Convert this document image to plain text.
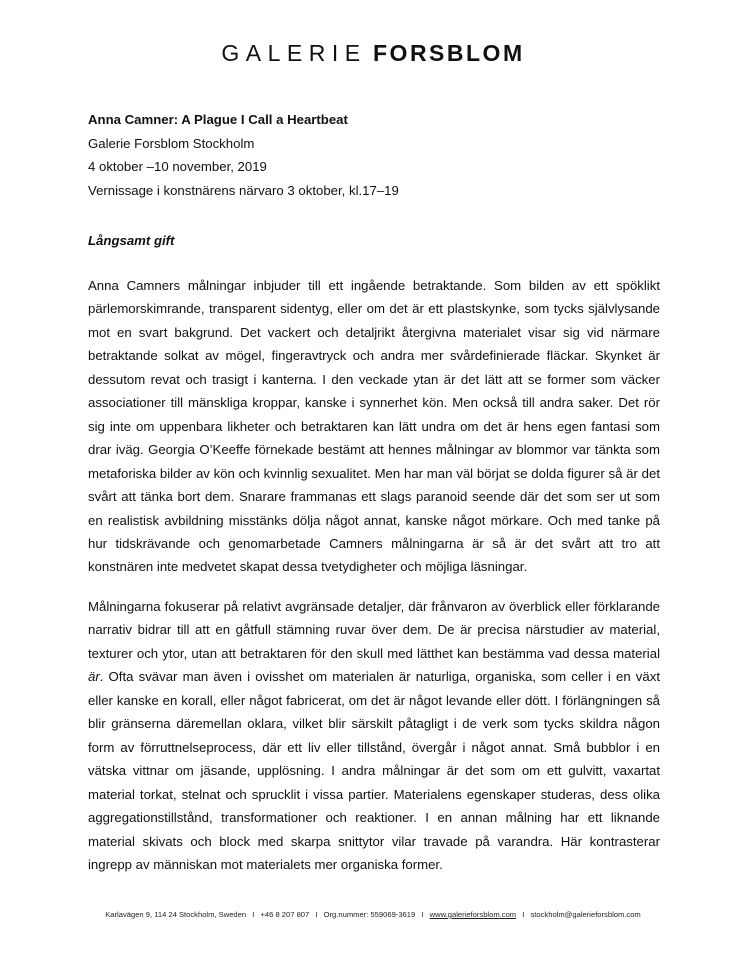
GALERIE FORSBLOM
Anna Camner: A Plague I Call a Heartbeat
Galerie Forsblom Stockholm
4 oktober –10 november, 2019
Vernissage i konstnärens närvaro 3 oktober, kl.17–19
Långsamt gift

Anna Camners målningar inbjuder till ett ingående betraktande. Som bilden av ett spöklikt pärlemorskimrande, transparent sidentyg, eller om det är ett plastskynke, som tycks självlysande mot en svart bakgrund. Det vackert och detaljrikt återgivna materialet visar sig vid närmare betraktande solkat av mögel, fingeravtryck och andra mer svårdefinierade fläckar. Skynket är dessutom revat och trasigt i kanterna. I den veckade ytan är det lätt att se former som väcker associationer till mänskliga kroppar, kanske i synnerhet kön. Men också till andra saker. Det rör sig inte om uppenbara likheter och betraktaren kan lätt undra om det är hens egen fantasi som drar iväg. Georgia O’Keeffe förnekade bestämt att hennes målningar av blommor var tänkta som metaforiska bilder av kön och kvinnlig sexualitet. Men har man väl börjat se dolda figurer så är det svårt att tänka bort dem. Snarare frammanas ett slags paranoid seende där det som ser ut som en realistisk avbildning misstänks dölja något annat, kanske något mörkare. Och med tanke på hur tidskrävande och genomarbetade Camners målningarna är så är det svårt att tro att konstnären inte medvetet skapat dessa tvetydigheter och möjliga läsningar.

Målningarna fokuserar på relativt avgränsade detaljer, där frånvaron av överblick eller förklarande narrativ bidrar till att en gåtfull stämning ruvar över dem. De är precisa närstudier av material, texturer och ytor, utan att betraktaren för den skull med lätthet kan bestämma vad dessa material är. Ofta svävar man även i ovisshet om materialen är naturliga, organiska, som celler i en växt eller kanske en korall, eller något fabricerat, om det är något levande eller dött. I förlängningen så blir gränserna däremellan oklara, vilket blir särskilt påtagligt i de verk som tycks skildra någon form av förruttnelseprocess, där ett liv eller tillstånd, övergår i något annat. Små bubblor i en vätska vittnar om jäsande, upplösning. I andra målningar är det som om ett gulvitt, vaxartat material torkat, stelnat och sprucklit i vissa partier. Materialens egenskaper studeras, dess olika aggregationstillstånd, transformationer och reaktioner. I en annan målning har ett liknande material skivats och block med skarpa snittytor vilar travade på varandra. Här kontrasterar ingrepp av människan mot materialets mer organiska former.

Karlavägen 9, 114 24 Stockholm, Sweden I +46 8 207 807 I Org.nummer: 559069-3619 I www.galerieforsblom.com I stockholm@galerieforsblom.com
